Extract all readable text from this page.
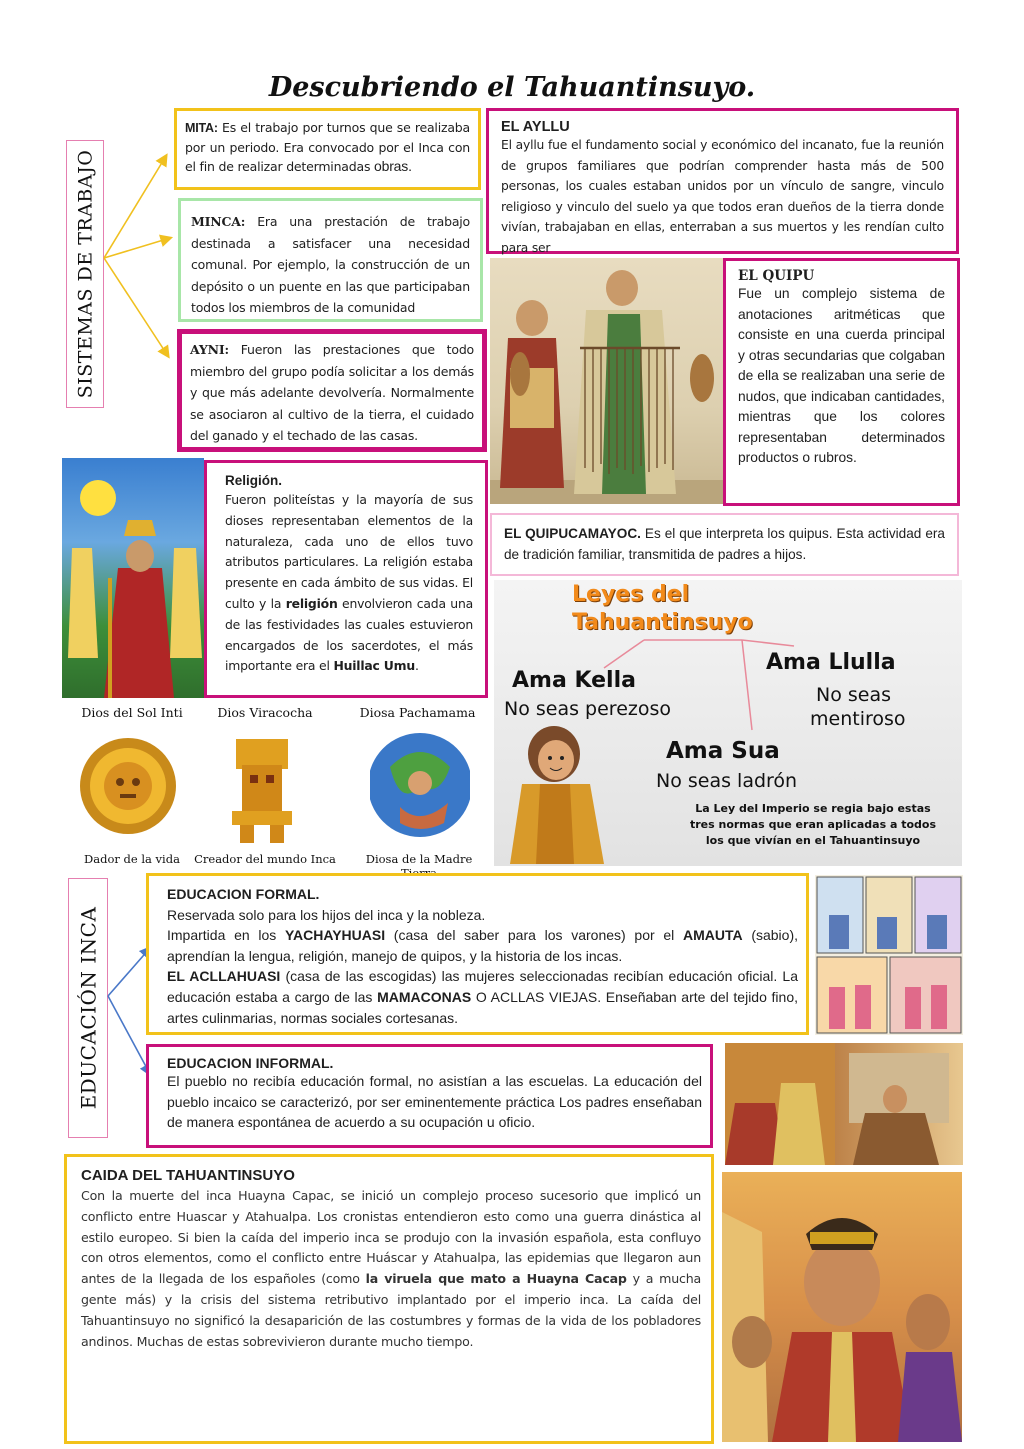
Descubriendo el Tahuantinsuyo.
SISTEMAS DE TRABAJO
MITA: Es el trabajo por turnos que se realizaba por un periodo. Era convocado por el Inca con el fin de realizar determinadas obras.
MINCA: Era una prestación de trabajo destinada a satisfacer una necesidad comunal. Por ejemplo, la construcción de un depósito o un puente en las que participaban todos los miembros de la comunidad
AYNI: Fueron las prestaciones que todo miembro del grupo podía solicitar a los demás y que más adelante devolvería. Normalmente se asociaron al cultivo de la tierra, el cuidado del ganado y el techado de las casas.
EL AYLLU
El ayllu fue el fundamento social y económico del incanato, fue la reunión de grupos familiares que podrían comprender hasta más de 500 personas, los cuales estaban unidos por un vínculo de sangre, vinculo religioso y vinculo del suelo ya que todos eran dueños de la tierra donde vivían, trabajaban en ellas, enterraban a sus muertos y les rendían culto para ser
EL QUIPU
Fue un complejo sistema de anotaciones aritméticas que consiste en una cuerda principal y otras secundarias que colgaban de ella se realizaban una serie de nudos, que indicaban cantidades, mientras que los colores representaban determinados productos o rubros.
Religión.
Fueron politeístas y la mayoría de sus dioses representaban elementos de la naturaleza, cada uno de ellos tuvo atributos particulares. La religión estaba presente en cada ámbito de sus vidas. El culto y la religión envolvieron cada una de las festividades las cuales estuvieron encargados de los sacerdotes, el más importante era el Huillac Umu.
EL QUIPUCAMAYOC. Es el que interpreta los quipus. Esta actividad era de tradición familiar, transmitida de padres a hijos.
Dios del Sol Inti	Dios Viracocha	Diosa Pachamama
Dador de la vida	Creador del mundo Inca	Diosa de la Madre
Leyes del
Tahuantinsuyo
Ama Kella
No seas perezoso
Ama Llulla
No seas
mentiroso
Ama Sua
No seas ladrón
La Ley del Imperio se regia bajo estas
tres normas que eran aplicadas a todos
los que vivían en el Tahuantinsuyo
EDUCACIÓN INCA
EDUCACION FORMAL.
Reservada solo para los hijos del inca y la nobleza.
Impartida en los YACHAYHUASI (casa del saber para los varones) por el AMAUTA (sabio), aprendían la lengua, religión, manejo de quipos, y la historia de los incas.
EL ACLLAHUASI (casa de las escogidas) las mujeres seleccionadas recibían educación oficial. La educación estaba a cargo de las MAMACONAS O ACLLAS VIEJAS. Enseñaban arte del tejido fino, artes culinmarias, normas sociales cortesanas.
EDUCACION INFORMAL.
El pueblo no recibía educación formal, no asistían a las escuelas. La educación del pueblo incaico se caracterizó, por ser eminentemente práctica Los padres enseñaban de manera espontánea de acuerdo a su ocupación u oficio.
CAIDA DEL TAHUANTINSUYO
Con la muerte del inca Huayna Capac, se inició un complejo proceso sucesorio que implicó un conflicto entre Huascar y Atahualpa. Los cronistas entendieron esto como una guerra dinástica al estilo europeo. Si bien la caída del imperio inca se produjo con la invasión española, esta confluyo con otros elementos, como el conflicto entre Huáscar y Atahualpa, las epidemias que llegaron aun antes de la llegada de los españoles (como la viruela que mato a Huayna Cacap y a mucha gente más) y la crisis del sistema retributivo implantado por el imperio inca. La caída del Tahuantinsuyo no significó la desaparición de las costumbres y formas de la vida de los pobladores andinos. Muchas de estas sobrevivieron durante mucho tiempo.
